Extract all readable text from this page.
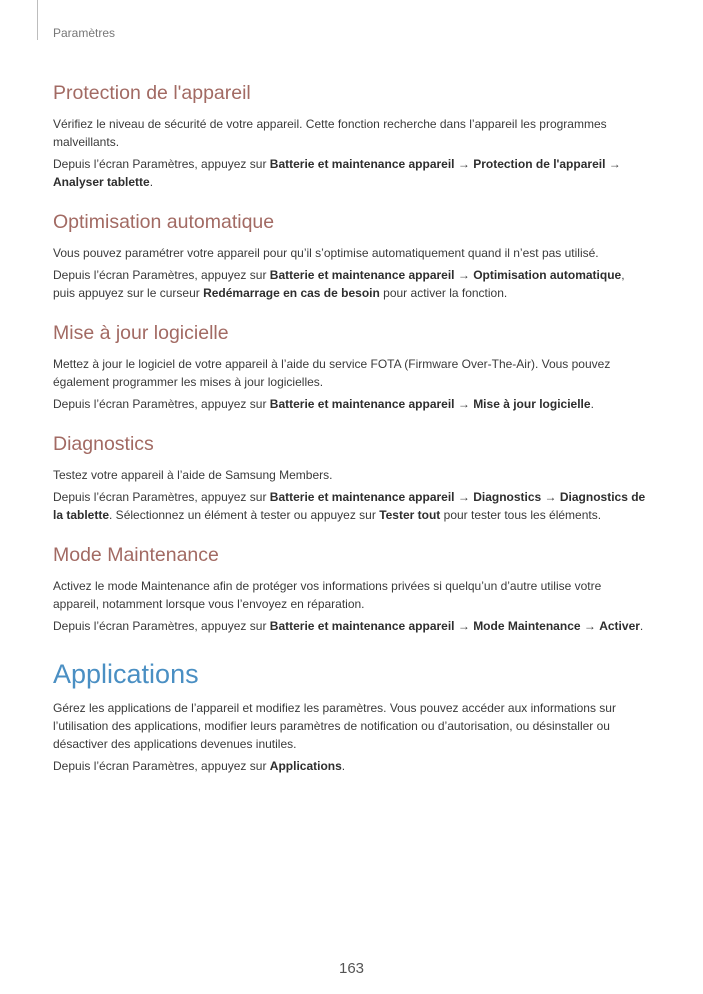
Paramètres
Protection de l'appareil

Vérifiez le niveau de sécurité de votre appareil. Cette fonction recherche dans l’appareil les programmes malveillants.

Depuis l’écran Paramètres, appuyez sur Batterie et maintenance appareil → Protection de l'appareil → Analyser tablette.

Optimisation automatique

Vous pouvez paramétrer votre appareil pour qu’il s’optimise automatiquement quand il n’est pas utilisé.

Depuis l’écran Paramètres, appuyez sur Batterie et maintenance appareil → Optimisation automatique, puis appuyez sur le curseur Redémarrage en cas de besoin pour activer la fonction.

Mise à jour logicielle

Mettez à jour le logiciel de votre appareil à l’aide du service FOTA (Firmware Over-The-Air). Vous pouvez également programmer les mises à jour logicielles.

Depuis l’écran Paramètres, appuyez sur Batterie et maintenance appareil → Mise à jour logicielle.

Diagnostics

Testez votre appareil à l’aide de Samsung Members.

Depuis l’écran Paramètres, appuyez sur Batterie et maintenance appareil → Diagnostics → Diagnostics de la tablette. Sélectionnez un élément à tester ou appuyez sur Tester tout pour tester tous les éléments.

Mode Maintenance

Activez le mode Maintenance afin de protéger vos informations privées si quelqu’un d’autre utilise votre appareil, notamment lorsque vous l’envoyez en réparation.

Depuis l’écran Paramètres, appuyez sur Batterie et maintenance appareil → Mode Maintenance → Activer.

Applications

Gérez les applications de l’appareil et modifiez les paramètres. Vous pouvez accéder aux informations sur l’utilisation des applications, modifier leurs paramètres de notification ou d’autorisation, ou désinstaller ou désactiver des applications devenues inutiles.

Depuis l’écran Paramètres, appuyez sur Applications.

163
